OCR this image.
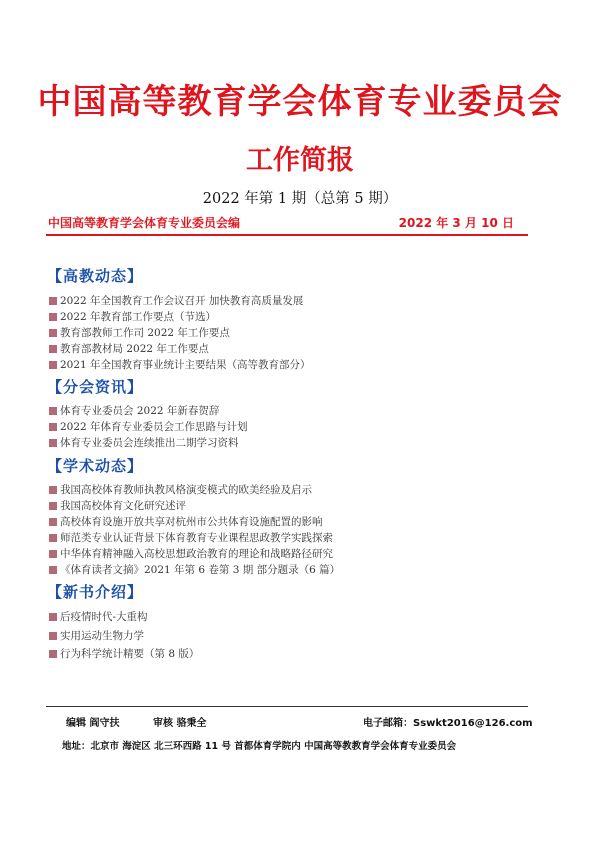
中国高等教育学会体育专业委员会
工作简报
2022 年第 1 期（总第 5 期）
中国高等教育学会体育专业委员会编	2022 年 3 月 10 日
【高教动态】
2022 年全国教育工作会议召开 加快教育高质量发展
2022 年教育部工作要点（节选）
教育部教师工作司 2022 年工作要点
教育部教材局 2022 年工作要点
2021 年全国教育事业统计主要结果（高等教育部分）
【分会资讯】
体育专业委员会 2022 年新春贺辞
2022 年体育专业委员会工作思路与计划
体育专业委员会连续推出二期学习资料
【学术动态】
我国高校体育教师执教风格演变模式的欧美经验及启示
我国高校体育文化研究述评
高校体育设施开放共享对杭州市公共体育设施配置的影响
师范类专业认证背景下体育教育专业课程思政教学实践探索
中华体育精神融入高校思想政治教育的理论和战略路径研究
《体育读者文摘》2021 年第 6 卷第 3 期 部分题录（6 篇）
【新书介绍】
后疫情时代-大重构
实用运动生物力学
行为科学统计精要（第 8 版）
编辑 阎守扶	审核 骆秉全	电子邮箱：Sswkt2016@126.com
地址：北京市 海淀区 北三环西路 11 号 首都体育学院内 中国高等教教育学会体育专业委员会
